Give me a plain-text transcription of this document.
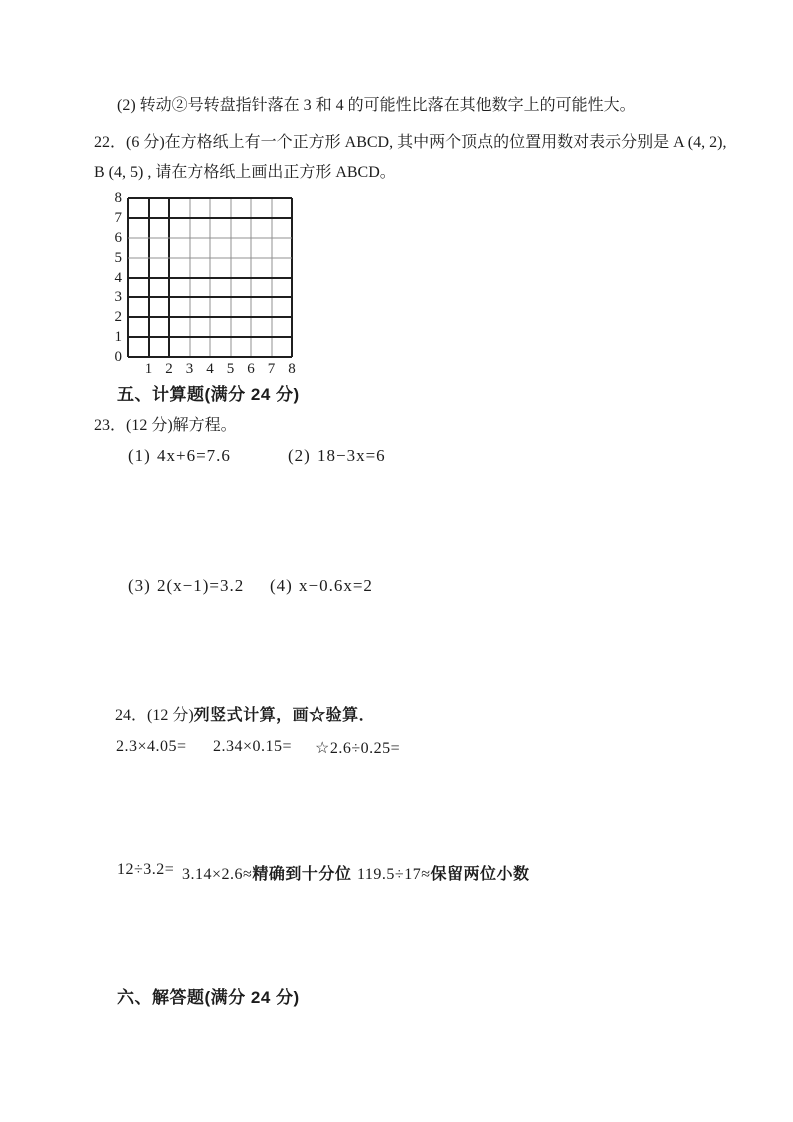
(2) 转动②号转盘指针落在 3 和 4 的可能性比落在其他数字上的可能性大。
22．(6 分)在方格纸上有一个正方形 ABCD, 其中两个顶点的位置用数对表示分别是 A (4, 2),
B (4, 5) , 请在方格纸上画出正方形 ABCD。
8
7
6
5
4
3
2
1
0
1 2 3 4 5 6 7 8
五、计算题(满分 24 分)
23．(12 分)解方程。
(1) 4x+6=7.6	(2) 18−3x=6
(3) 2(x−1)=3.2 (4) x−0.6x=2
24．(12 分)列竖式计算，画☆验算．
2.3×4.05= 2.34×0.15= ☆2.6÷0.25=
12÷3.2= 3.14×2.6≈精确到十分位 119.5÷17≈保留两位小数
六、解答题(满分 24 分)
